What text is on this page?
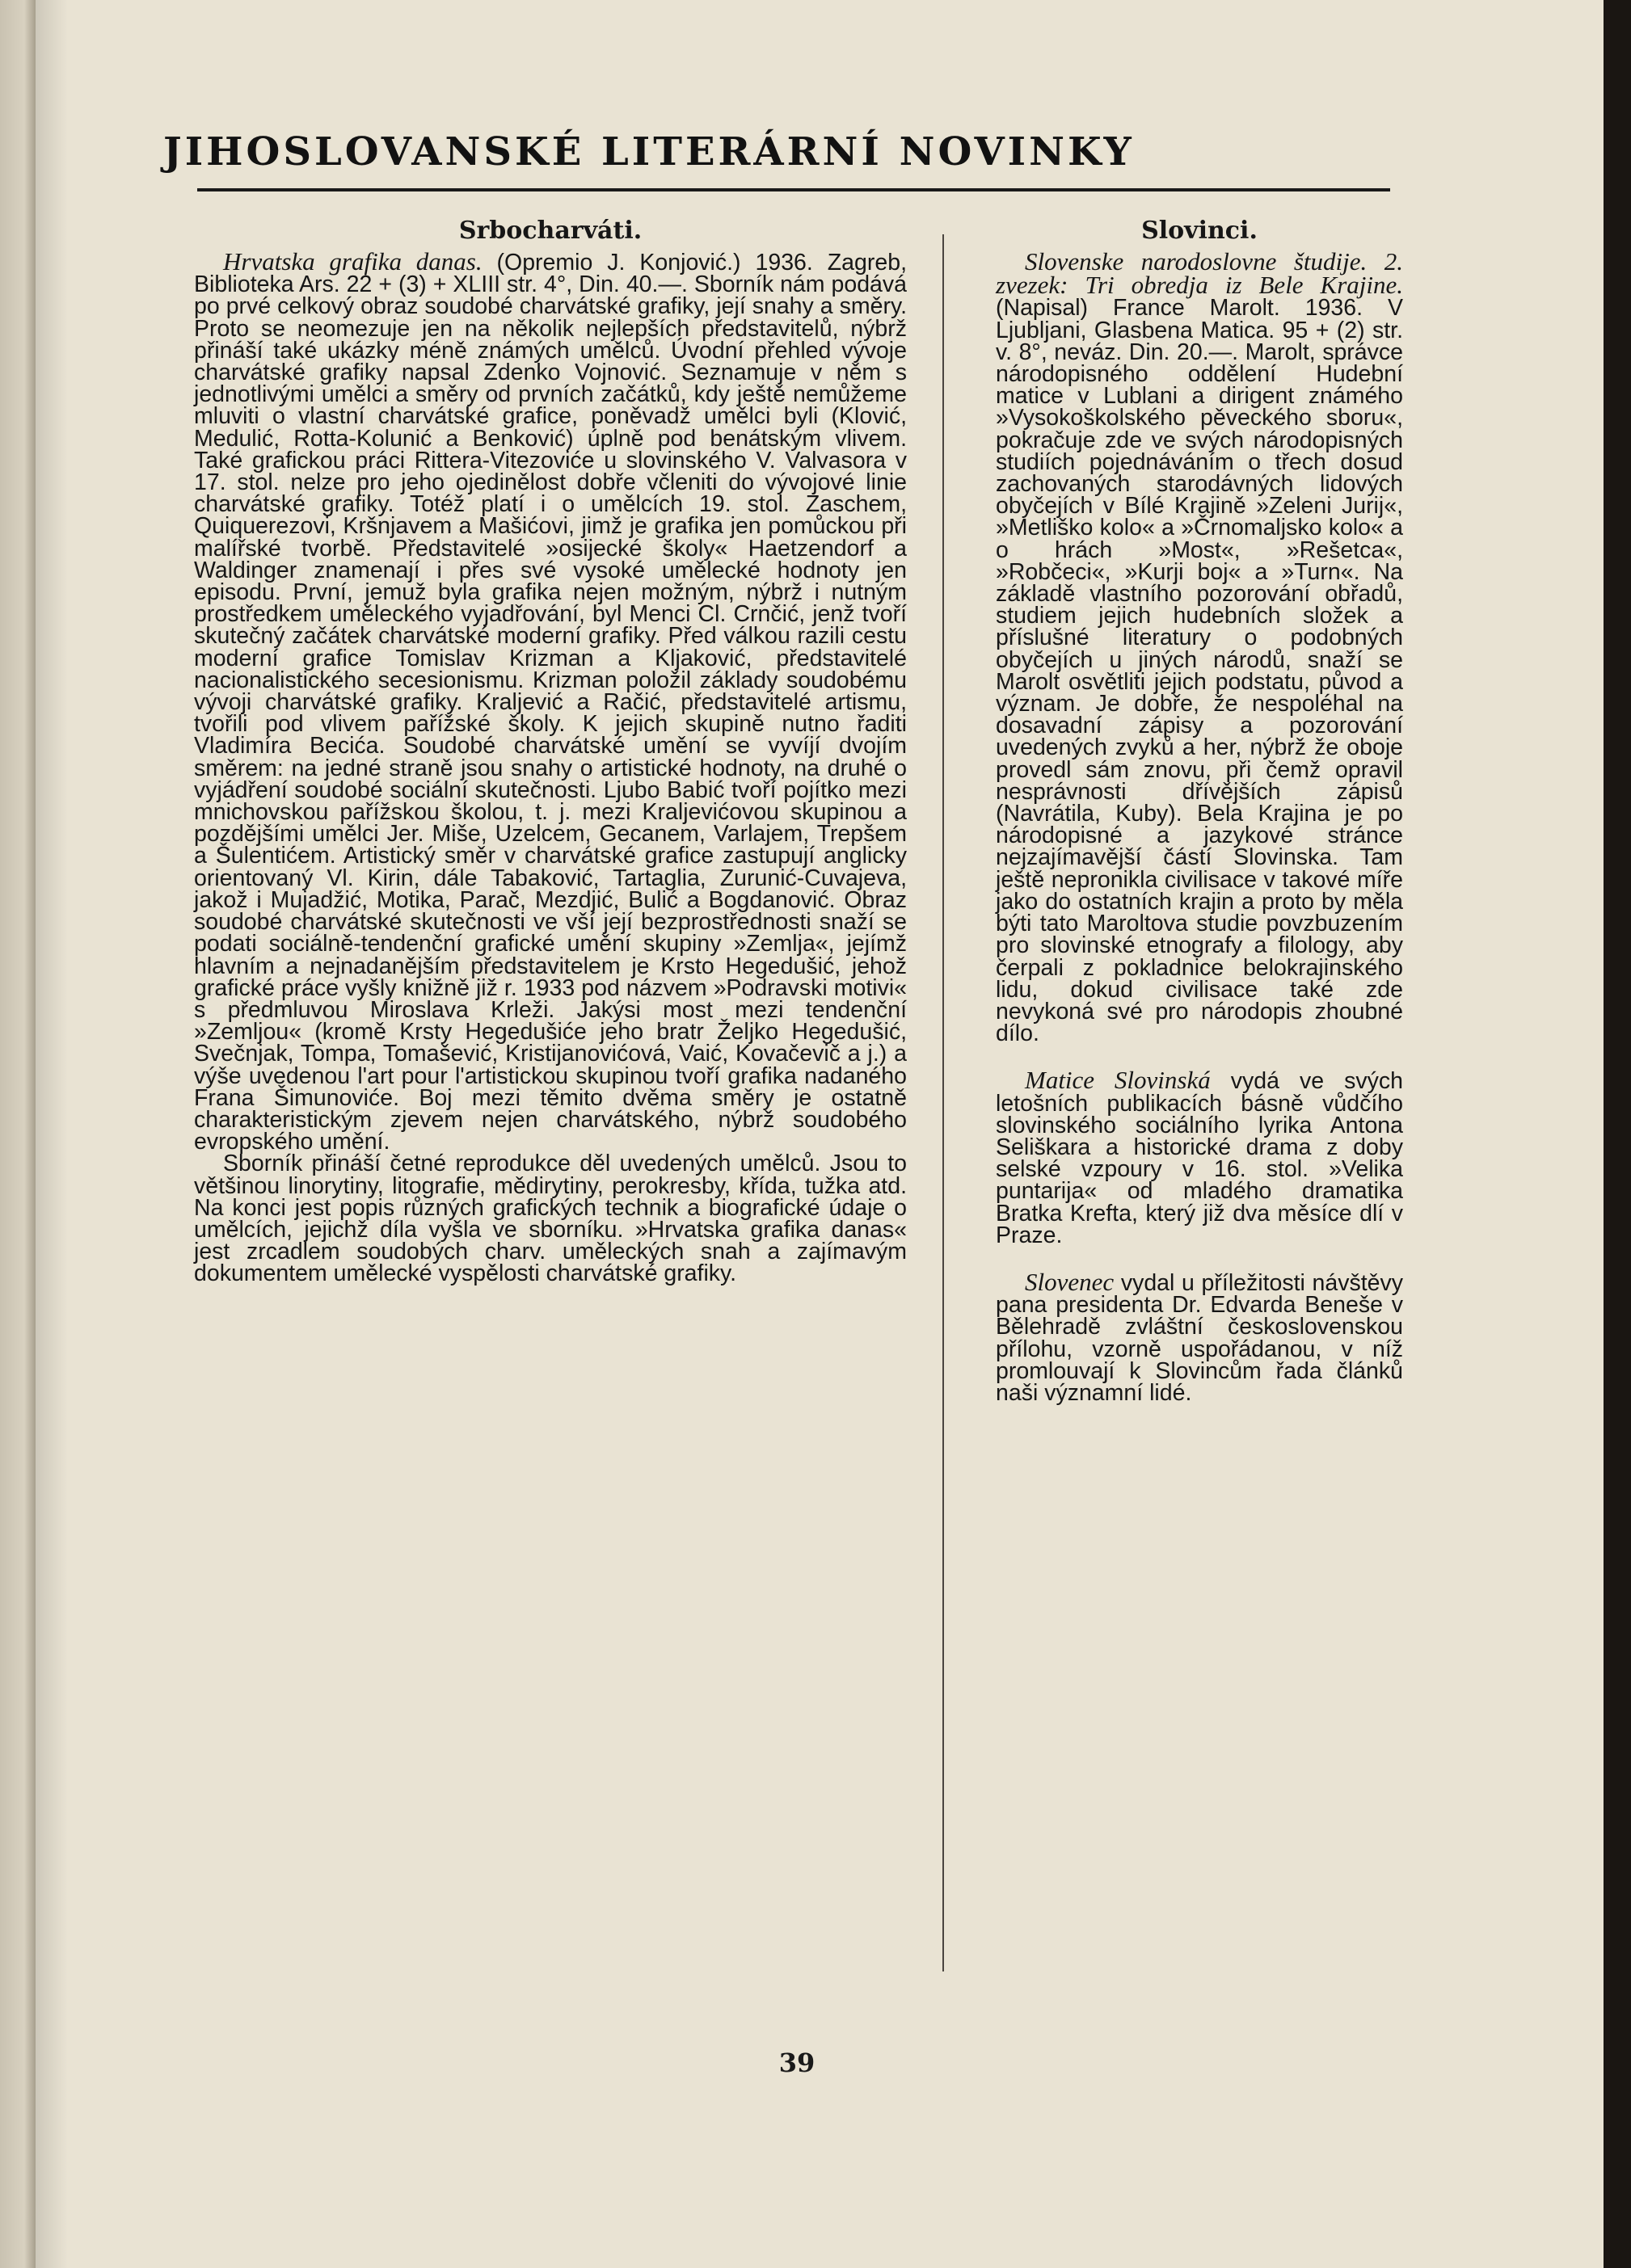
JIHOSLOVANSKÉ LITERÁRNÍ NOVINKY
Srbocharváti.

Hrvatska grafika danas. (Opremio J. Konjović.) 1936. Zagreb, Biblioteka Ars. 22 + (3) + XLIII str. 4°, Din. 40.—. Sborník nám podává po prvé celkový obraz soudobé charvátské grafiky, její snahy a směry. Proto se neomezuje jen na několik nejlepších představitelů, nýbrž přináší také ukázky méně známých umělců. Úvodní přehled vývoje charvátské grafiky napsal Zdenko Vojnović. Seznamuje v něm s jednotlivými umělci a směry od prvních začátků, kdy ještě nemůžeme mluviti o vlastní charvátské grafice, poněvadž umělci byli (Klović, Medulić, Rotta-Kolunić a Benković) úplně pod benátským vlivem. Také grafickou práci Rittera-Vitezoviće u slovinského V. Valvasora v 17. stol. nelze pro jeho ojedinělost dobře včleniti do vývojové linie charvátské grafiky. Totéž platí i o umělcích 19. stol. Zaschem, Quiquerezovi, Kršnjavem a Mašićovi, jimž je grafika jen pomůckou při malířské tvorbě. Představitelé »osijecké školy« Haetzendorf a Waldinger znamenají i přes své vysoké umělecké hodnoty jen episodu. První, jemuž byla grafika nejen možným, nýbrž i nutným prostředkem uměleckého vyjadřování, byl Menci Cl. Crnčić, jenž tvoří skutečný začátek charvátské moderní grafiky. Před válkou razili cestu moderní grafice Tomislav Krizman a Kljaković, představitelé nacionalistického secesionismu. Krizman položil základy soudobému vývoji charvátské grafiky. Kraljević a Račić, představitelé artismu, tvořili pod vlivem pařížské školy. K jejich skupině nutno řaditi Vladimíra Becića. Soudobé charvátské umění se vyvíjí dvojím směrem: na jedné straně jsou snahy o artistické hodnoty, na druhé o vyjádření soudobé sociální skutečnosti. Ljubo Babić tvoří pojítko mezi mnichovskou pařížskou školou, t. j. mezi Kraljevićovou skupinou a pozdějšími umělci Jer. Miše, Uzelcem, Gecanem, Varlajem, Trepšem a Šulentićem. Artistický směr v charvátské grafice zastupují anglicky orientovaný Vl. Kirin, dále Tabaković, Tartaglia, Zurunić-Cuvajeva, jakož i Mujadžić, Motika, Parač, Mezdjić, Bulić a Bogdanović. Obraz soudobé charvátské skutečnosti ve vší její bezprostřednosti snaží se podati sociálně-tendenční grafické umění skupiny »Zemlja«, jejímž hlavním a nejnadanějším představitelem je Krsto Hegedušić, jehož grafické práce vyšly knižně již r. 1933 pod názvem »Podravski motivi« s předmluvou Miroslava Krleži. Jakýsi most mezi tendenční »Zemljou« (kromě Krsty Hegedušiće jeho bratr Željko Hegedušić, Svečnjak, Tompa, Tomašević, Kristijanovićová, Vaić, Kovačevič a j.) a výše uvedenou l'art pour l'artistickou skupinou tvoří grafika nadaného Frana Šimunoviće. Boj mezi těmito dvěma směry je ostatně charakteristickým zjevem nejen charvátského, nýbrž soudobého evropského umění.

Sborník přináší četné reprodukce děl uvedených umělců. Jsou to většinou linorytiny, litografie, mědirytiny, perokresby, křída, tužka atd. Na konci jest popis různých grafických technik a biografické údaje o umělcích, jejichž díla vyšla ve sborníku. »Hrvatska grafika danas« jest zrcadlem soudobých charv. uměleckých snah a zajímavým dokumentem umělecké vyspělosti charvátské grafiky.

Slovinci.

Slovenske narodoslovne študije. 2. zvezek: Tri obredja iz Bele Krajine. (Napisal) France Marolt. 1936. V Ljubljani, Glasbena Matica. 95 + (2) str. v. 8°, neváz. Din. 20.—. Marolt, správce národopisného oddělení Hudební matice v Lublani a dirigent známého »Vysokoškolského pěveckého sboru«, pokračuje zde ve svých národopisných studiích pojednáváním o třech dosud zachovaných starodávných lidových obyčejích v Bílé Krajině »Zeleni Jurij«, »Metliško kolo« a »Črnomaljsko kolo« a o hrách »Most«, »Rešetca«, »Robčeci«, »Kurji boj« a »Turn«. Na základě vlastního pozorování obřadů, studiem jejich hudebních složek a příslušné literatury o podobných obyčejích u jiných národů, snaží se Marolt osvětliti jejich podstatu, původ a význam. Je dobře, že nespoléhal na dosavadní zápisy a pozorování uvedených zvyků a her, nýbrž že oboje provedl sám znovu, při čemž opravil nesprávnosti dřívějších zápisů (Navrátila, Kuby). Bela Krajina je po národopisné a jazykové stránce nejzajímavější částí Slovinska. Tam ještě nepronikla civilisace v takové míře jako do ostatních krajin a proto by měla býti tato Maroltova studie povzbuzením pro slovinské etnografy a filology, aby čerpali z pokladnice belokrajinského lidu, dokud civilisace také zde nevykoná své pro národopis zhoubné dílo.

Matice Slovinská vydá ve svých letošních publikacích básně vůdčího slovinského sociálního lyrika Antona Seliškara a historické drama z doby selské vzpoury v 16. stol. »Velika puntarija« od mladého dramatika Bratka Krefta, který již dva měsíce dlí v Praze.

Slovenec vydal u příležitosti návštěvy pana presidenta Dr. Edvarda Beneše v Bělehradě zvláštní československou přílohu, vzorně uspořádanou, v níž promlouvají k Slovincům řada článků naši významní lidé.

39
